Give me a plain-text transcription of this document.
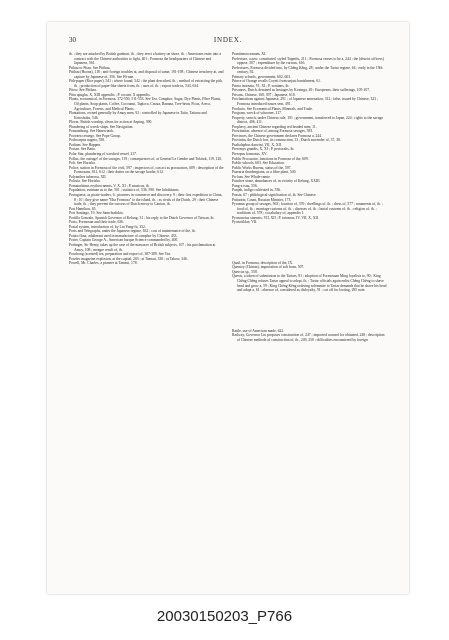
30	INDEX.

ib. ; they are attacked by British gunboat, ib. ; they erect a battery on shore, ib. ; Americans enter into a contract with the Chinese authorities to fight, 401 ; Formosa the headquarters of Chinese and Japanese, 561.

Pithau or Pitau. See Pitthau.

Pitthau (Hoona), 118 ; anti-foreign troubles at, and disposal of same, 191-198 ; Chinese treachery at, and capture by Japanese of, 356. See Hi-nan.

Pith-paper (Rice paper), 541 ; where found, 542 ; the plant described, ib. ; method of extracting the pith, ib. ; production of paper-like sheets from, ib. ; uses of, ib. ; export trade in, 543, 634.

Pitow. See Pitthau.

Pittu apugha, X, XIII appendix ; P. occum. X appendix.

Plants, economical, in Formosa, 372-550, 511-553. See Tea, Camphor, Sugar, Dye Plants, Fibre Plants, Oil plants, Soap plants, Coffee, Cocoanut, Tapioca, Cassia, Banana, Tree-bean, Ficus, Areca, Agriculture, Forests, and Medical Plants.

Plantations, owned generally by Amoy men, 92 ; controlled by Japanese in Taito, Taitaou and Kotoshoku, 546.

Plover, British warship, clears for action at Anping, 390.

Plundering of wreck-ships. See Navigation.

Ponsanthong. See Hanewiaok.

Poovaea ceruego. See Pope Group.

Podocarpus nageia, 558.

Podium. See Happen.

Poctan. See Baito.

Polar Star, plundering of wrecked vessel, 217.

Pollux, the outrage! of the savages, 119 ; consequences of, at General Le Gendre and Tokitok, 119, 120.

Poli. See Horisha.

Police, station in Formosa of the civil, 597 ; inspectors of, can act as procurators, 609 ; description of the Formosans, 611, 612 ; their duties on the savage border, 612.

Polyanthes tuberosa, XII.

Polosia. See Horisha.

Pomatorhinus erythrocnemis, V, X, XI ; P. musicus, ib.

Population, estimate as to the, 501 ; statistics of, 536, 590. See Inhabitants.

Portuguese, as pirate-traders, 6 ; pioneers in commerce and discovery, 9 ; their first expedition to China, 8 ; 10 ; they give name "Ilha Formosa" to the island, ib. ; as rivals of the Dutch, 29 ; their Chinese trade, ib. ; they prevent the success of Dutch envoy to Canton, ib.

Port Hamilton, 65.

Port Santiago, 19. See Samchodokio.

Portilla Gonzalo, Spanish Governor of Kelung, 31 ; his reply to the Dutch Governor of Taiwan, ib.

Posts, Formosan and their trade, 636.

Postal system, introduction of, by Liu Yung-fu, 352.

Posts and Telegraphs, under the Japanese regime, 632 ; cost of maintenance of the, ib.

Potato flour, adulterant used in manufacture of camphor by Chinese, 433.

Potter, Captain George A., American barque Science commanded by, 400.

Pottinger, Sir Henry, takes up the case of the massacre of British subjects, 107 ; his proclamation at Amoy, 108 ; meagre result of, ib.

Pouchong (scented) tea, preparation and export of, 387-389. See Tea.

Powder magazine explosion, at the capital, 203 ; at Tamsui, 330 ; at Takow, 346.

Powell, Mr. Charles, a pioneer at Tamsui, 178.

Prantinnsia nanum, XI.

Prefecture, a new, constituted, styled Taipeifu, 211 ; Formosa ceases to be a, 244 ; the (district officers) oppose, 507 ; expenditure by the various, 616.

Prefectures, Formosa divided into, by Chêng Kêng, 28 ; under the Tartar regime, 64 ; early in the 19th century, 92.

Primary schools, government, 602, 603.

Prince of Orange recalls Coyett from unjust banishment, 61.

Prinia inornata, VI, XI ; P. sonitans, ib.

Prisoners, Dutch, detained as hostages by Koxinga, 49 ; Europeans, their sufferings, 105-107.

Prisons, Chinese, 160, 397 ; Japanese, 610.

Proclamations against Japanese, 291 ; of Japanese annexation, 312 ; false, issued by Chinese, 323 ; Formosa introduced issues sent, 491.

Products. See Economical Plants, Minerals, and Trade.

Program, wreck of schooner, 217.

Property, search, under Chinese rule, 191 ; government, transferred to Japan, 224 ; rights to the savage district, 406, 411.

Prophecy, ancient Chinese regarding red headed men, 11.

Prostitution, absence of, among Formosa savages, 583.

Provinces, the Chinese government declares Formosa a, 244.

Provintia, the Dutch fort, its construction, 13 ; Dutch surrender of, 37, 38.

Psaltalaphus darwini, VII, X, XII.

Pteromys grandis, X, XI ; P. pectoralis, ib.

Pteropus formosus, XV.

Public Procurator, functions in Formosa of the, 609.

Public schools, 603. See Education.

Public Works Bureau, status of the, 597.

Pueraria thunbergiana, as a fibre plant, 540.

Pu-lam. See Whale-ramie.

Punches stone, abundances of, in vicinity of Kelung, XXIII.

Pung-a tsau, 556.

Punjab, indigo cultivated in, 536.

Pussia, 67 ; philological signification of, ib. See Chinese.

Puttaotin, Count, Russian Minister, 173.

Pyramus group of savages, 563 ; location of, 376 ; dwellings of, ib. ; dress of, 577 ; ornaments of, ib. ; food of, ib. ; marriage customs of, ib. ; diseases of, ib. ; burial customs of, ib. ; religion of, ib. ; traditions of, 578 ; vocabulary of, appendix I.

Pycnonotus sinensis, VII, XII ; P. taivanus, IV, VII, X, XII.

Pycnotildae, VII.

Quail, in Formosa, description of the, IX.

Quemoy (Chinan), importation of salt from, 507.

Quercus sp., 558.

Quests, a token of submission to the Tartars, 81 ; adoption of Formosaan Ming loyalists to, 90 ; King Chêng Chêng refuses Tartar appeal to adopt, ib. ; Tartar officials again enlist Chêng Chêng to shave head and grow a, 59 ; King Chêng Kêng ordering solemnize to Tartar demands that he shave his head and adopt a, 61 ; absence of, considered as disloyalty, 91 ; cut off for looting, 295 note.

Rattle, use of American made, 622.

Railway, Governor Liu proposes construction of, 247 ; imported counsel for obtained, 248 ; description of Chinese methods of construction of, ib., 249, 250 ; difficulties encountered by foreign

20030150203_P766
